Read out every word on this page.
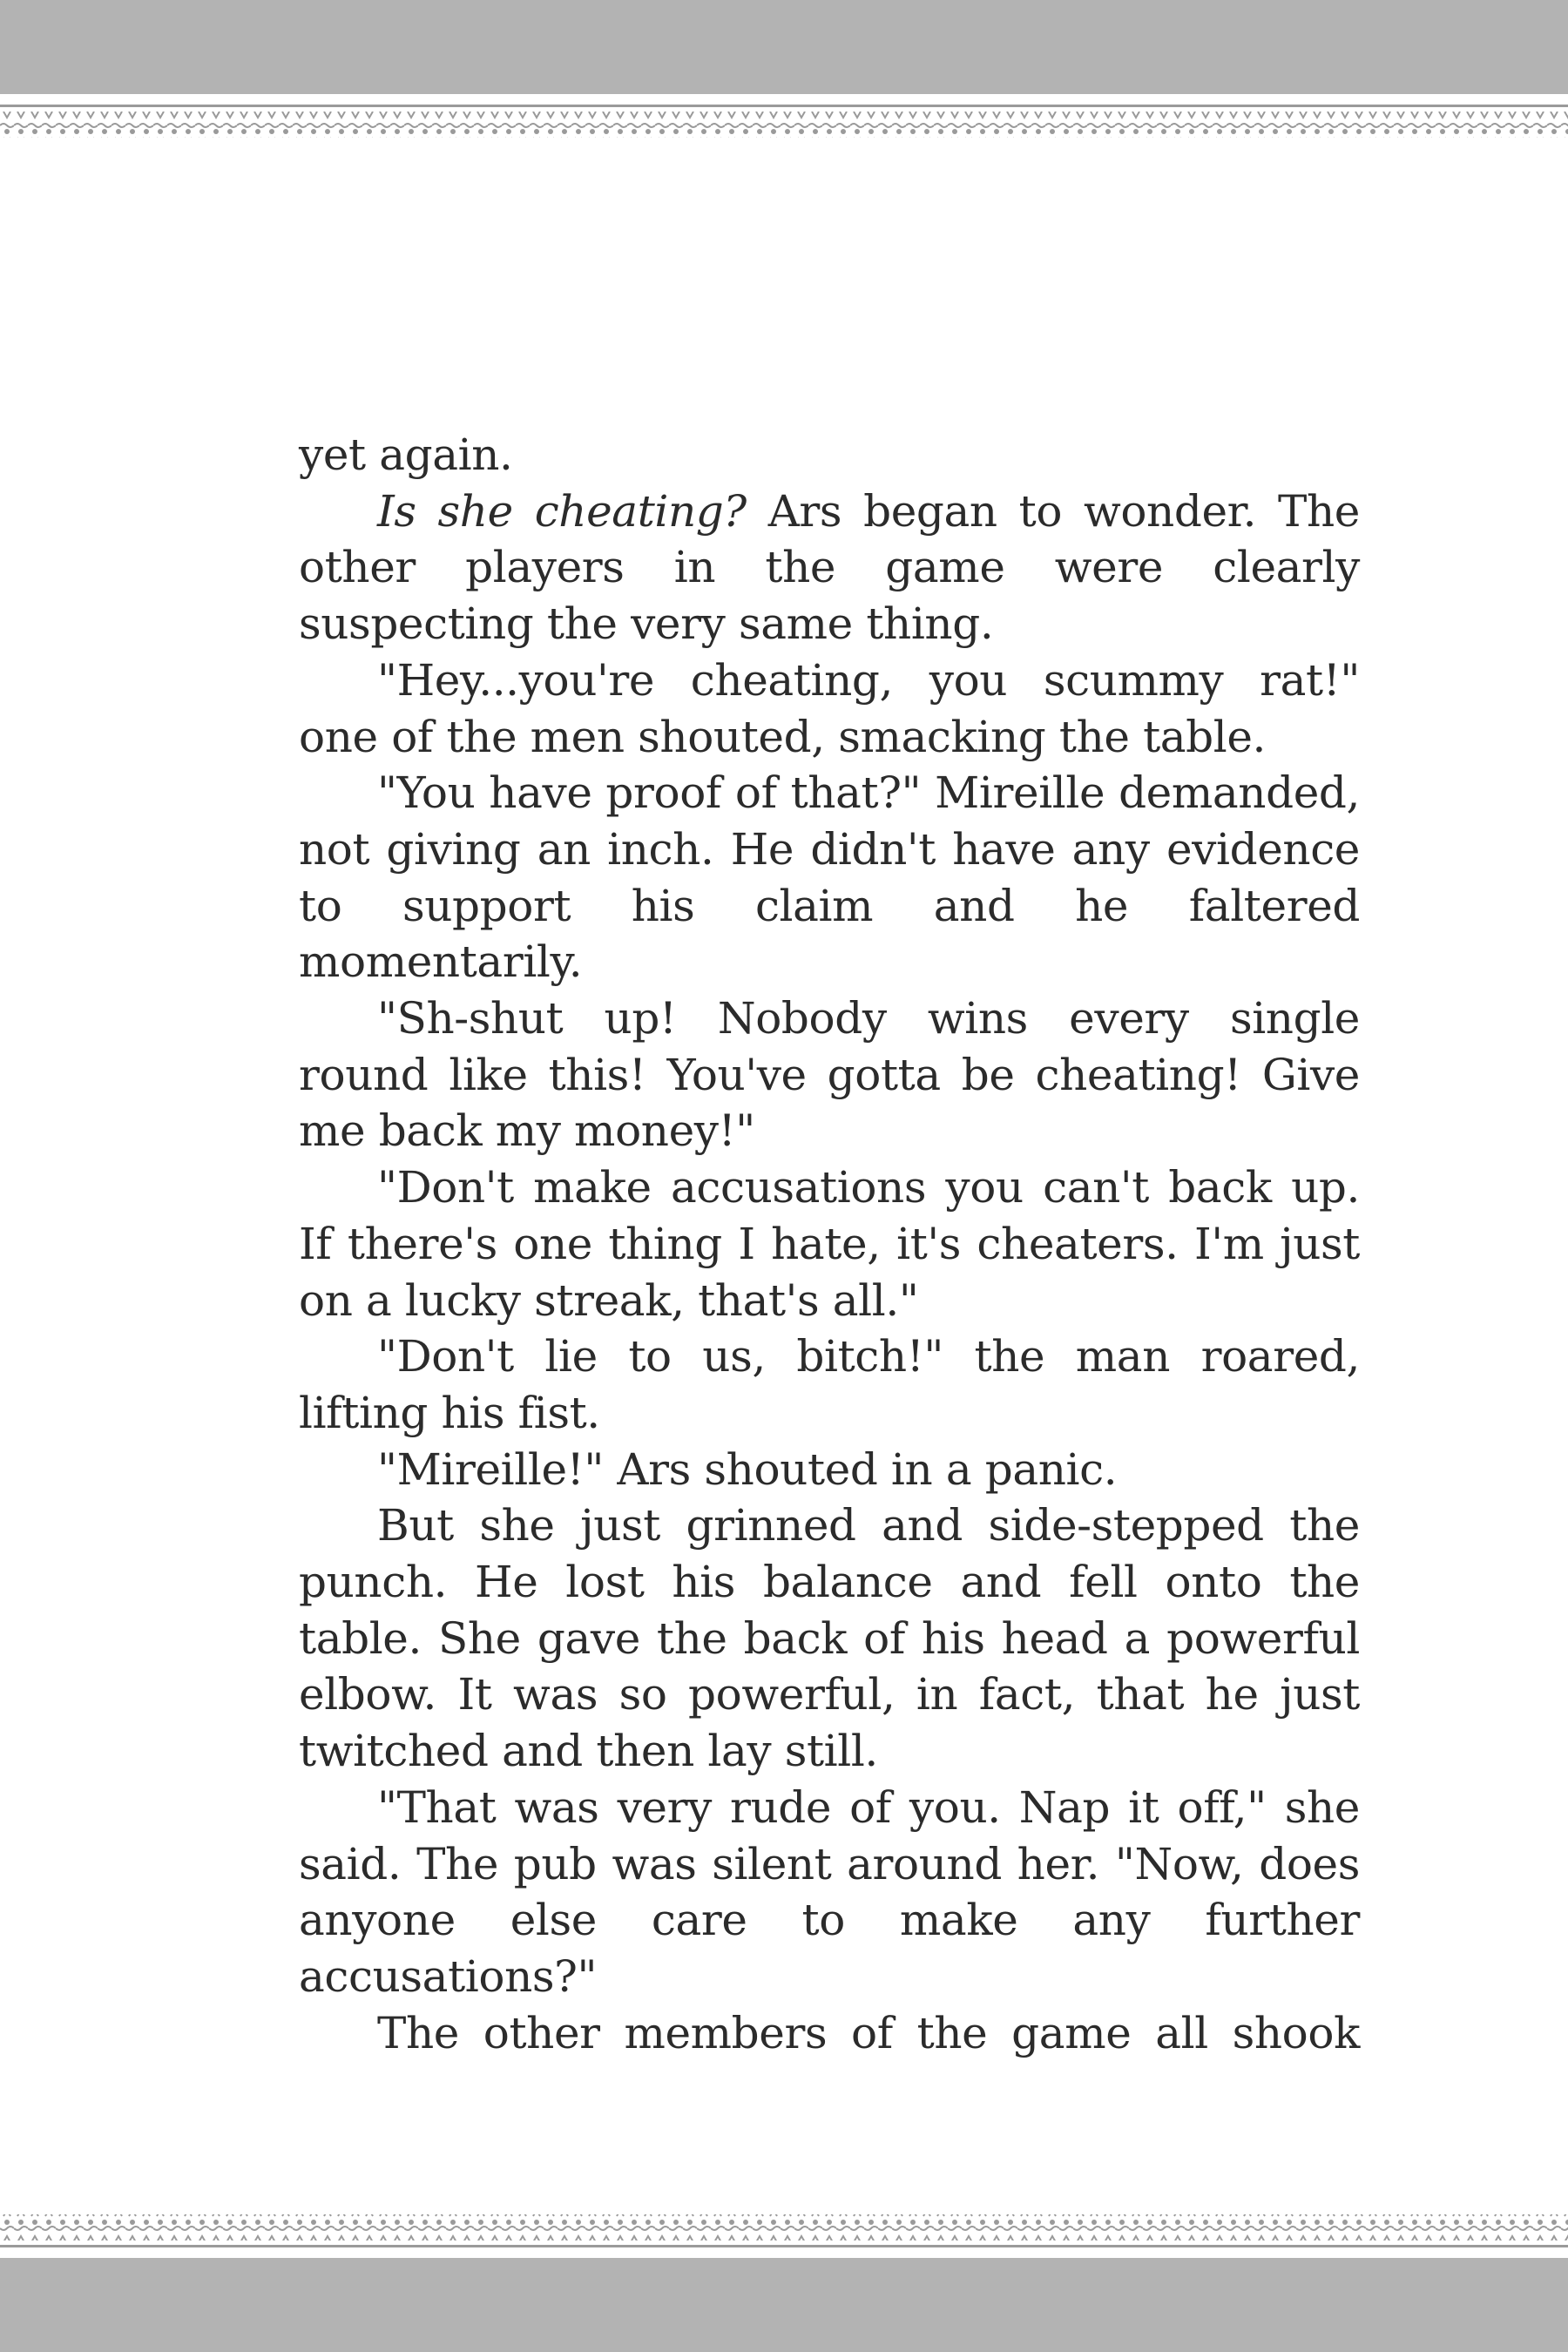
yet again.

Is she cheating? Ars began to wonder. The other players in the game were clearly suspecting the very same thing.

"Hey...you're cheating, you scummy rat!" one of the men shouted, smacking the table.

"You have proof of that?" Mireille demanded, not giving an inch. He didn't have any evidence to support his claim and he faltered momentarily.

"Sh-shut up! Nobody wins every single round like this! You've gotta be cheating! Give me back my money!"

"Don't make accusations you can't back up. If there's one thing I hate, it's cheaters. I'm just on a lucky streak, that's all."

"Don't lie to us, bitch!" the man roared, lifting his fist.

"Mireille!" Ars shouted in a panic.

But she just grinned and side-stepped the punch. He lost his balance and fell onto the table. She gave the back of his head a powerful elbow. It was so powerful, in fact, that he just twitched and then lay still.

"That was very rude of you. Nap it off," she said. The pub was silent around her. "Now, does anyone else care to make any further accusations?"

The other members of the game all shook
